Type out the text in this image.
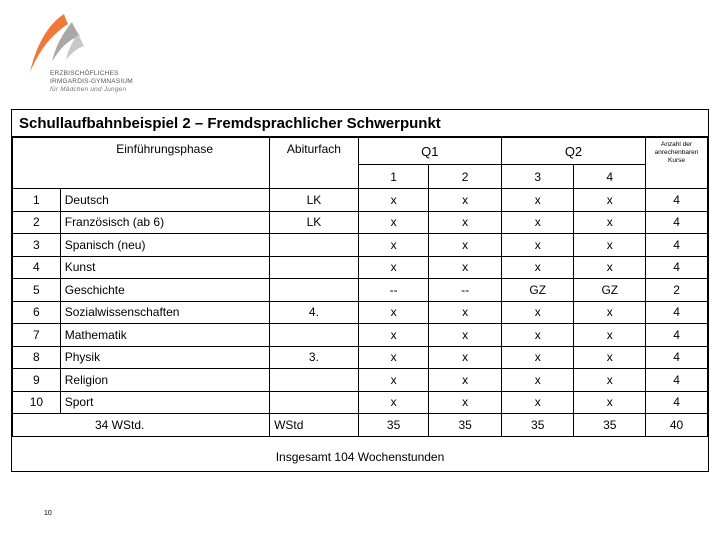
ERZBISCHÖFLICHES
IRMGARDIS-GYMNASIUM
für Mädchen und Jungen
Schullaufbahnbeispiel 2 – Fremdsprachlicher Schwerpunkt
	Einführungsphase	Abiturfach	Q1		Q2		Anzahl der anrechenbaren Kurse
			1	2	3	4	
1	Deutsch	LK	x	x	x	x	4
2	Französisch (ab 6)	LK	x	x	x	x	4
3	Spanisch (neu)		x	x	x	x	4
4	Kunst		x	x	x	x	4
5	Geschichte		--	--	GZ	GZ	2
6	Sozialwissenschaften	4.	x	x	x	x	4
7	Mathematik		x	x	x	x	4
8	Physik	3.	x	x	x	x	4
9	Religion		x	x	x	x	4
10	Sport		x	x	x	x	4
	34 WStd.	WStd	35	35	35	35	40
Insgesamt 104 Wochenstunden
10
